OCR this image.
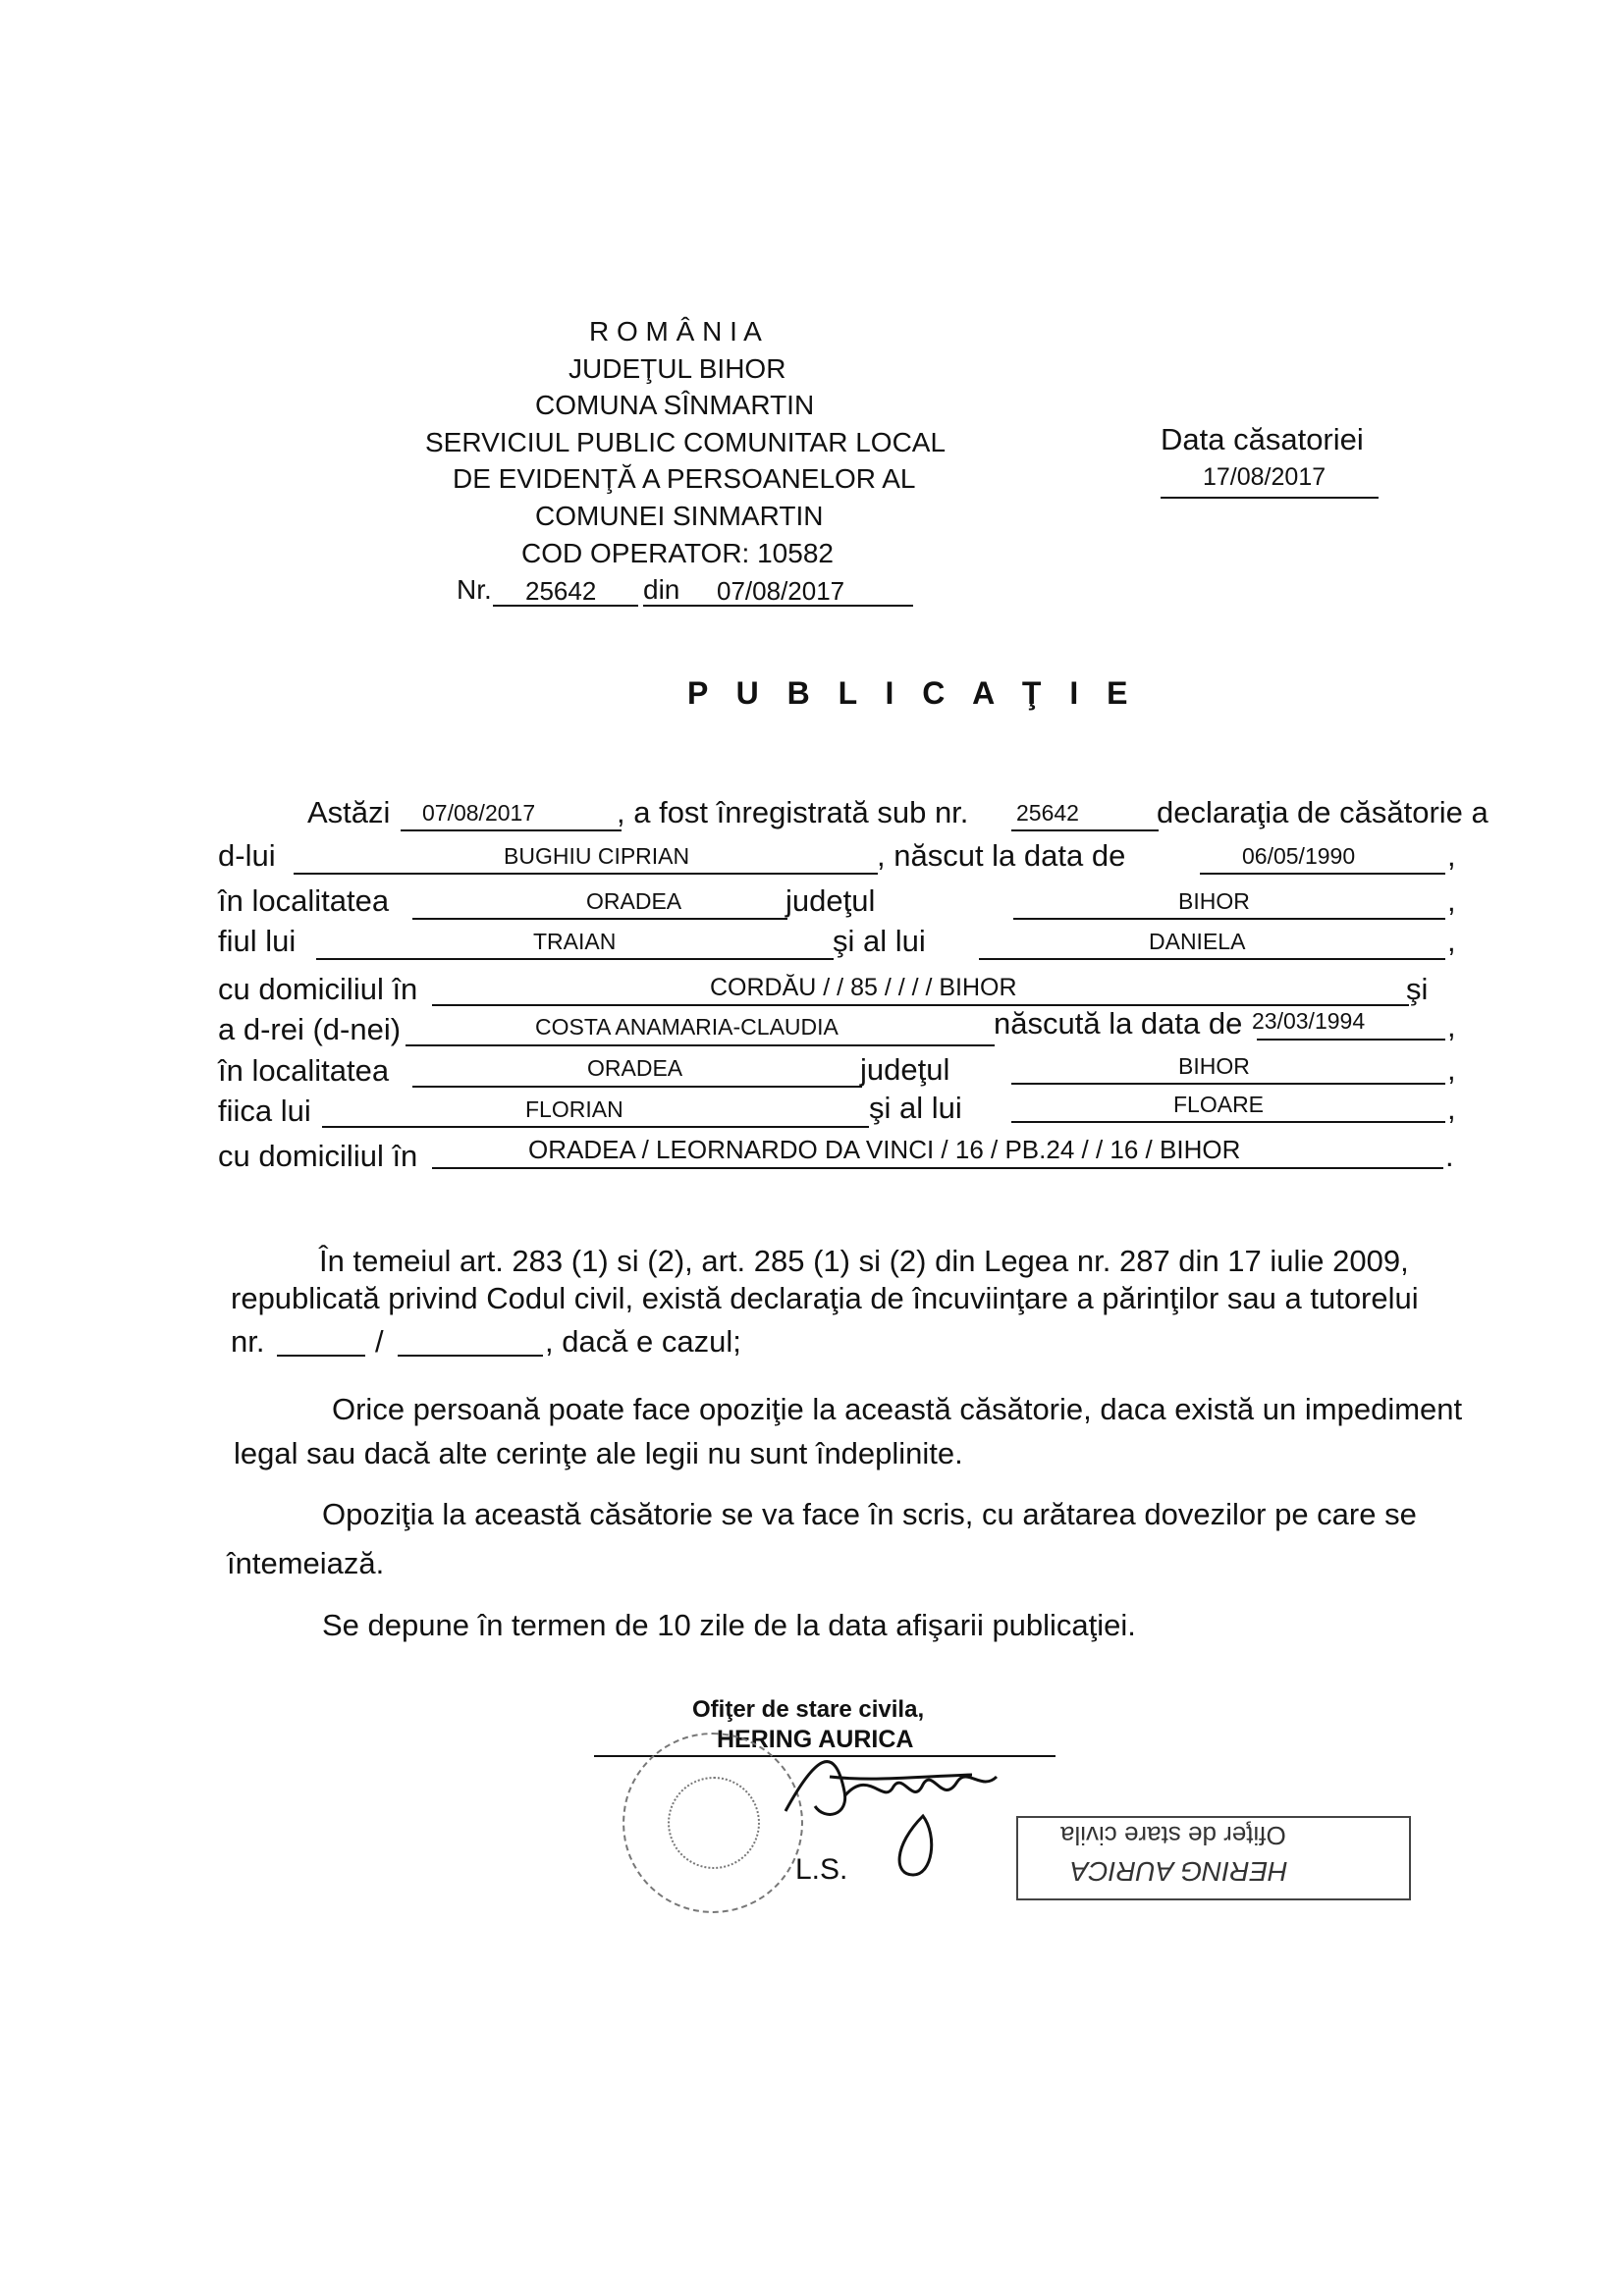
R O M Â N I A
JUDEŢUL BIHOR
COMUNA SÎNMARTIN
SERVICIUL PUBLIC COMUNITAR LOCAL
DE EVIDENŢĂ A PERSOANELOR AL
COMUNEI SINMARTIN
COD OPERATOR: 10582
Nr. 25642 din 07/08/2017
Data căsatoriei
17/08/2017
P U B L I C A Ţ I E
Astăzi 07/08/2017	, a fost înregistrată sub nr. 25642	declaraţia de căsătorie a
d-lui	BUGHIU CIPRIAN	, născut la data de	06/05/1990	,
în localitatea	ORADEA	judeţul	BIHOR	,
fiul lui	TRAIAN	şi al lui	DANIELA	,
cu domiciliul în	CORDĂU / / 85 / / / / BIHOR	şi
a d-rei (d-nei)	COSTA ANAMARIA-CLAUDIA	născută la data de 23/03/1994	,
în localitatea	ORADEA	judeţul	BIHOR	,
fiica lui	FLORIAN	şi al lui	FLOARE	,
cu domiciliul în	ORADEA / LEORNARDO DA VINCI / 16 / PB.24 / / 16 / BIHOR	.
În temeiul art. 283 (1) si (2), art. 285 (1) si (2) din Legea nr. 287 din 17 iulie 2009,
republicată privind Codul civil, există declaraţia de încuviinţare a părinţilor sau a tutorelui
nr.	/	, dacă e cazul;
Orice persoană poate face opoziţie la această căsătorie, daca există un impediment
legal sau dacă alte cerinţe ale legii nu sunt îndeplinite.
Opoziţia la această căsătorie se va face în scris, cu arătarea dovezilor pe care se
întemeiază.
Se depune în termen de 10 zile de la data afişarii publicaţiei.
Ofiţer de stare civila,
HERING AURICA
L.S.
Ofiţer de stare civila
HERING AURICA
